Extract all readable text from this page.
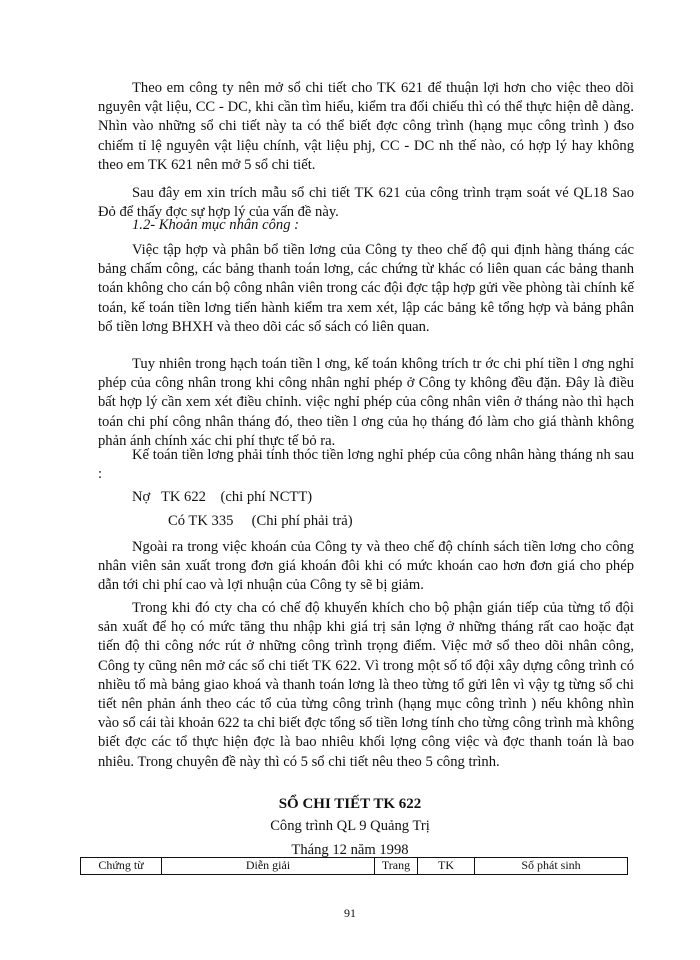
Theo em công ty nên mở sổ chi tiết cho TK 621 để thuận lợi hơn cho việc theo dõi nguyên vật liệu, CC - DC, khi cần tìm hiểu, kiểm tra đối chiếu thì có thể thực hiện dễ dàng. Nhìn vào những sổ chi tiết này ta có thể biết đợc công trình (hạng mục công trình ) đso chiếm tỉ lệ nguyên vật liệu chính, vật liệu phj, CC - DC nh thế nào, có hợp lý hay không theo em TK 621 nên mở 5 sổ chi tiết.

Sau đây em xin trích mẫu sổ chi tiết TK 621 của công trình trạm soát vé QL18 Sao Đỏ để thấy đợc sự hợp lý của vấn đề này.

1.2- Khoản mục nhân công :

Việc tập hợp và phân bổ tiền lơng của Công ty theo chế độ qui định hàng tháng các bảng chấm công, các bảng thanh toán lơng, các chứng từ khác có liên quan các bảng thanh toán không cho cán bộ công nhân viên trong các đội đợc tập hợp gửi vềe phòng tài chính kế toán, kế toán tiền lơng tiến hành kiểm tra xem xét, lập các bảng kê tổng hợp và bảng phân bổ tiền lơng BHXH và theo dõi các sổ sách có liên quan.

Tuy nhiên trong hạch toán tiền l ơng, kế toán không trích tr ớc chi phí tiền l ơng nghỉ phép của công nhân trong khi công nhân nghỉ phép ở Công ty không đều đặn. Đây là điều bất hợp lý cần xem xét điều chỉnh. việc nghỉ phép của công nhân viên ở tháng nào thì hạch toán chi phí công nhân tháng đó, theo tiền l ơng của họ tháng đó làm cho giá thành không phản ánh chính xác chi phí thực tế bỏ ra.

Kế toán tiền lơng phải tính thóc tiền lơng nghỉ phép của công nhân hàng tháng nh sau :

Nợ   TK 622    (chi phí NCTT)

Có TK 335     (Chi phí phải trả)

Ngoài ra trong việc khoán của Công ty và theo chế độ chính sách tiền lơng cho công nhân viên sản xuất trong đơn giá khoán đôi khi có mức khoán cao hơn đơn giá cho phép dẫn tới chi phí cao và lợi nhuận của Công ty sẽ bị giảm.

Trong khi đó cty cha có chế độ khuyến khích cho bộ phận gián tiếp của từng tổ đội sản xuất để họ có mức tăng thu nhập khi giá trị sản lợng ở những tháng rất cao hoặc đạt tiến độ thi công nớc rút ở những công trình trọng điểm. Việc mở sổ theo dõi nhân công, Công ty cũng nên mở các sổ chi tiết TK 622. Vì trong một số tổ đội xây dựng công trình có nhiều tổ mà bảng giao khoá và thanh toán lơng là theo từng tổ gửi lên vì vậy tg từng sổ chi tiết nên phản ánh theo các tổ của từng công trình (hạng mục công trình ) nếu không nhìn vào sổ cái tài khoản 622 ta chỉ biết đợc tổng số tiền lơng tính cho từng công trình mà không biết đợc các tổ thực hiện đợc là bao nhiêu khối lợng công việc và đợc thanh toán là bao nhiêu. Trong chuyên đề này thì có 5 sổ chi tiết nêu theo 5 công trình.

SỔ CHI TIẾT TK 622

Công trình QL 9 Quảng Trị

Tháng 12 năm 1998

Chứng từ	Diễn giải	Trang	TK	Số phát sinh
91
